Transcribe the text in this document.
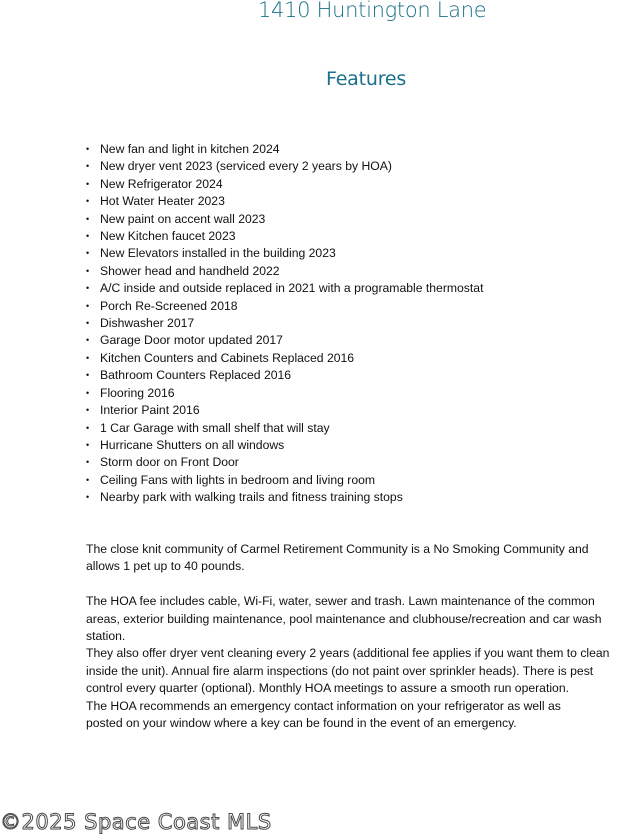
1410 Huntington Lane
Features
• New fan and light in kitchen 2024
• New dryer vent 2023 (serviced every 2 years by HOA)
• New Refrigerator 2024
• Hot Water Heater 2023
• New paint on accent wall 2023
• New Kitchen faucet 2023
• New Elevators installed in the building 2023
• Shower head and handheld 2022
• A/C inside and outside replaced in 2021 with a programable thermostat
• Porch Re-Screened 2018
• Dishwasher 2017
• Garage Door motor updated 2017
• Kitchen Counters and Cabinets Replaced 2016
• Bathroom Counters Replaced 2016
• Flooring 2016
• Interior Paint 2016
• 1 Car Garage with small shelf that will stay
• Hurricane Shutters on all windows
• Storm door on Front Door
• Ceiling Fans with lights in bedroom and living room
• Nearby park with walking trails and fitness training stops

The close knit community of Carmel Retirement Community is a No Smoking Community and

allows 1 pet up to 40 pounds.

The HOA fee includes cable, Wi-Fi, water, sewer and trash. Lawn maintenance of the common

areas, exterior building maintenance, pool maintenance and clubhouse/recreation and car wash

station.

They also offer dryer vent cleaning every 2 years (additional fee applies if you want them to clean

inside the unit). Annual fire alarm inspections (do not paint over sprinkler heads). There is pest

control every quarter (optional). Monthly HOA meetings to assure a smooth run operation.

The HOA recommends an emergency contact information on your refrigerator as well as

posted on your window where a key can be found in the event of an emergency.

©2025 Space Coast MLS
